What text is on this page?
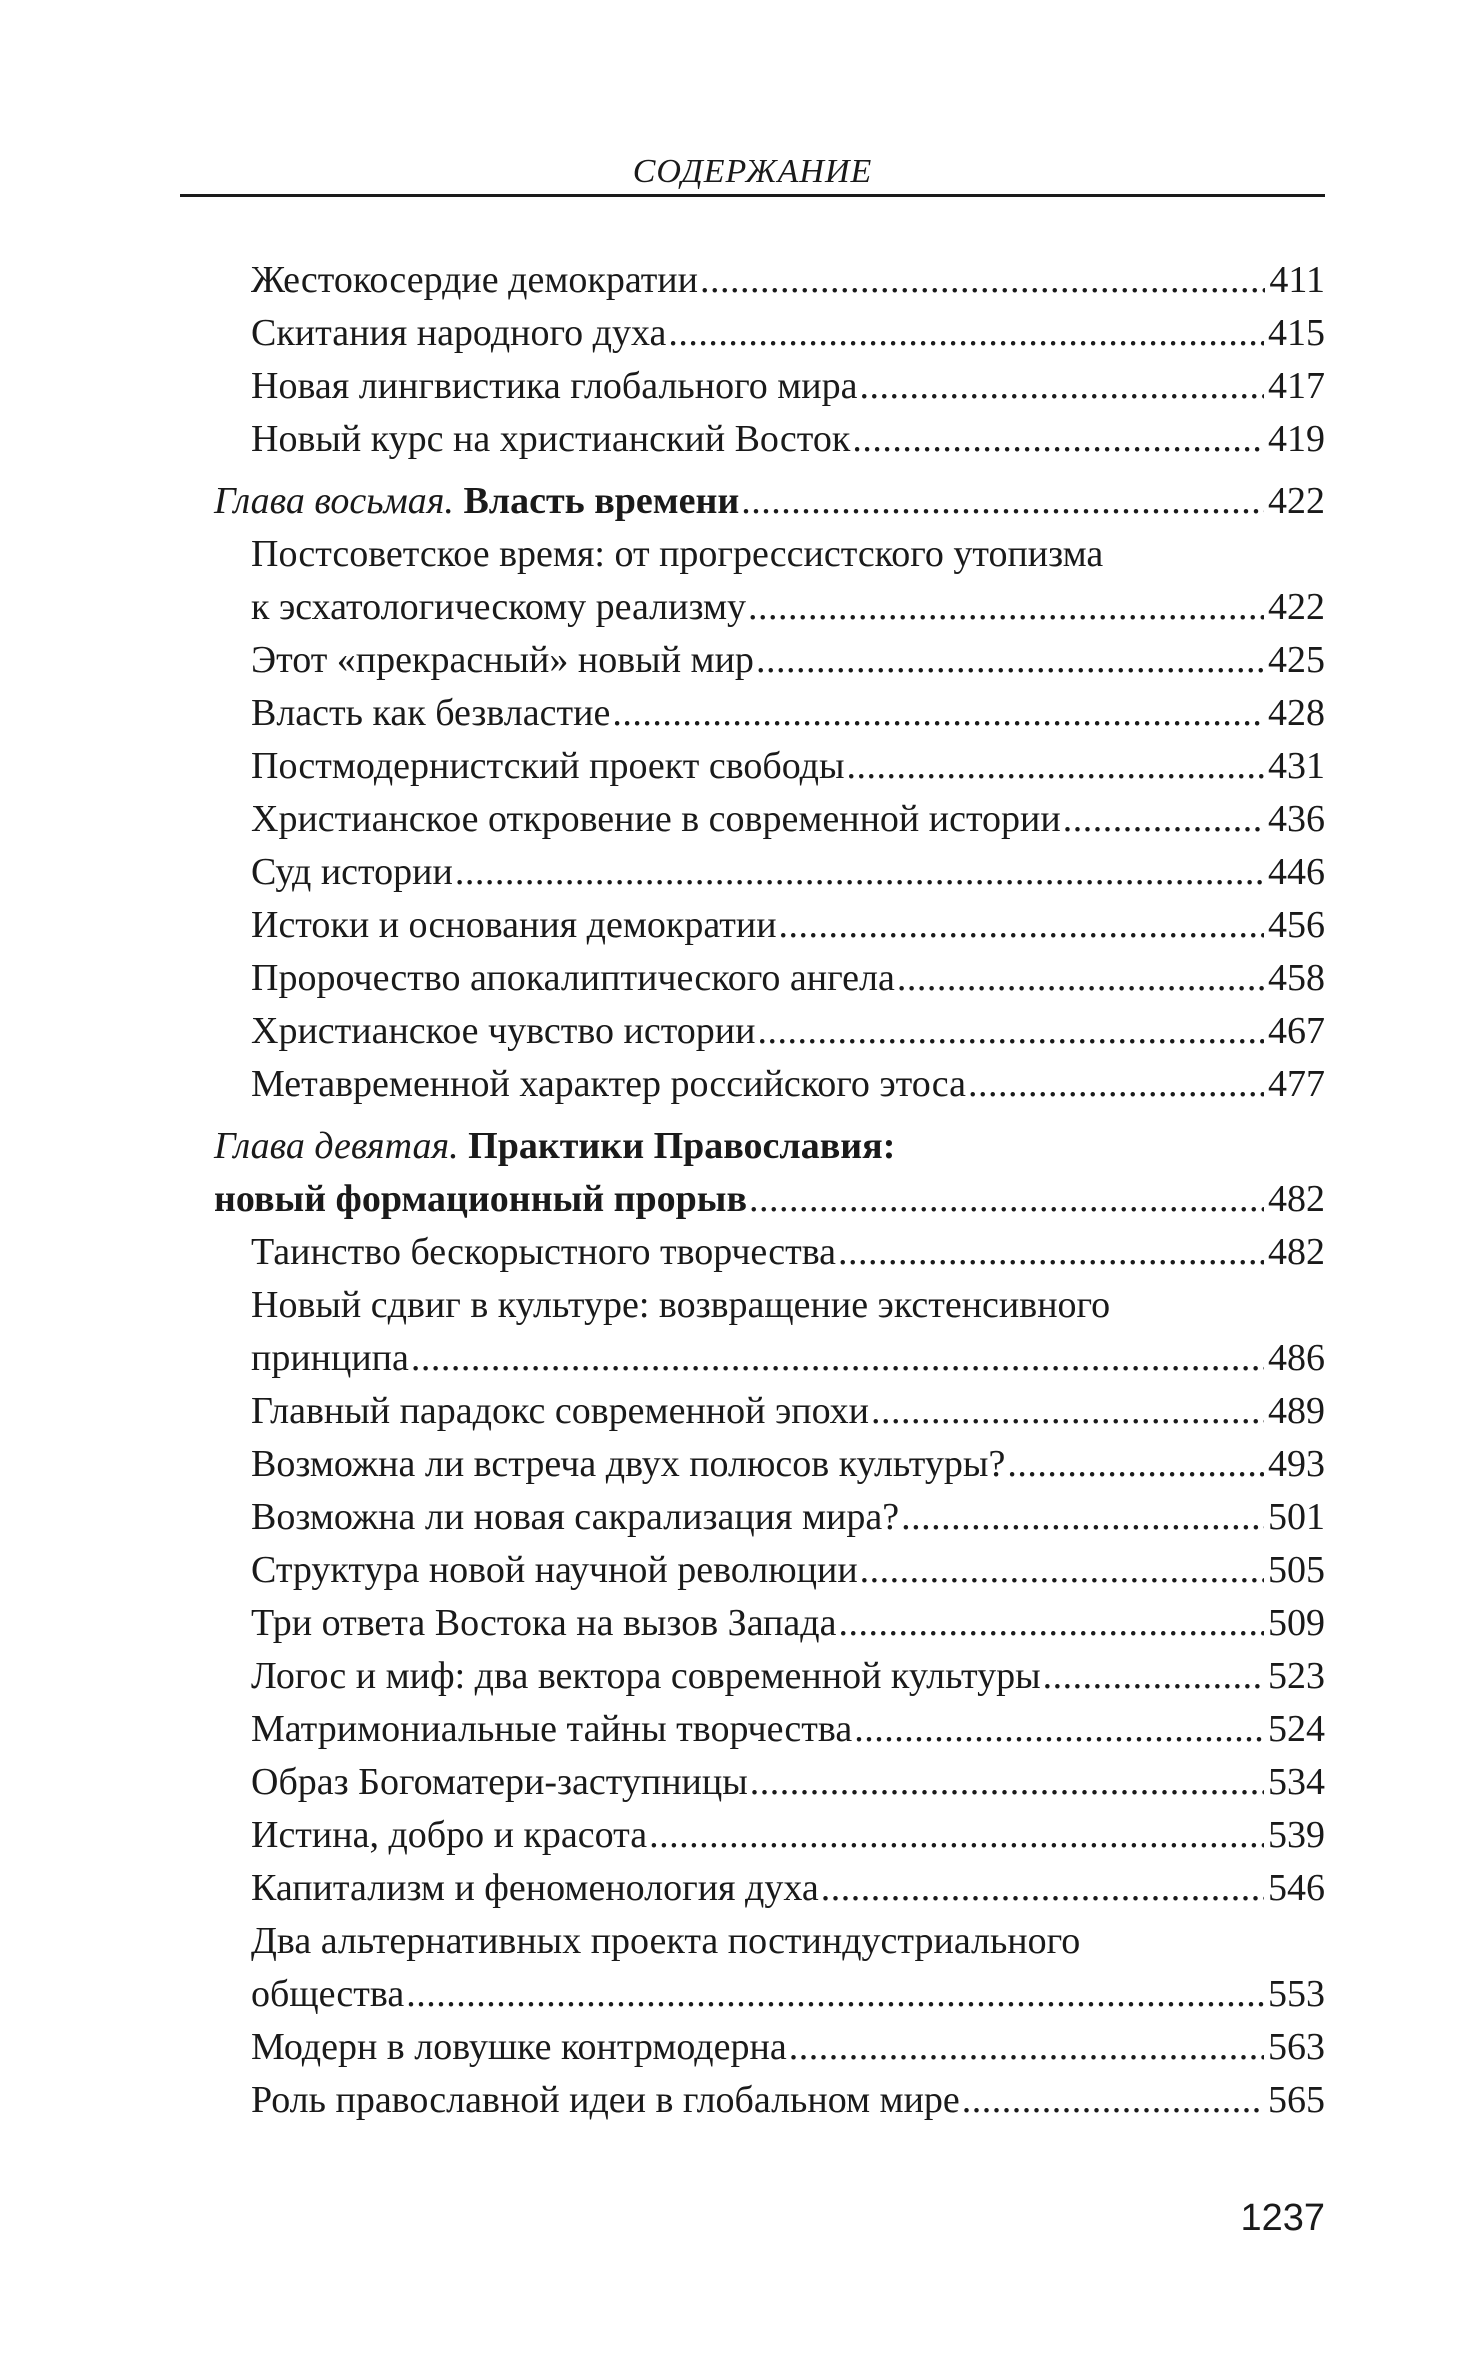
СОДЕРЖАНИЕ
Жестокосердие демократии .....	411
Скитания народного духа .....	415
Новая лингвистика глобального мира .....	417
Новый курс на христианский Восток .....	419
Глава восьмая. Власть времени .....	422
Постсоветское время: от прогрессистского утопизма
к эсхатологическому реализму .....	422
Этот «прекрасный» новый мир .....	425
Власть как безвластие .....	428
Постмодернистский проект свободы .....	431
Христианское откровение в современной истории .....	436
Суд истории .....	446
Истоки и основания демократии .....	456
Пророчество апокалиптического ангела .....	458
Христианское чувство истории .....	467
Метавременной характер российского этоса .....	477
Глава девятая. Практики Православия:
новый формационный прорыв .....	482
Таинство бескорыстного творчества .....	482
Новый сдвиг в культуре: возвращение экстенсивного
принципа .....	486
Главный парадокс современной эпохи .....	489
Возможна ли встреча двух полюсов культуры? .....	493
Возможна ли новая сакрализация мира? .....	501
Структура новой научной революции .....	505
Три ответа Востока на вызов Запада .....	509
Логос и миф: два вектора современной культуры .....	523
Матримониальные тайны творчества .....	524
Образ Богоматери-заступницы .....	534
Истина, добро и красота .....	539
Капитализм и феноменология духа .....	546
Два альтернативных проекта постиндустриального
общества .....	553
Модерн в ловушке контрмодерна .....	563
Роль православной идеи в глобальном мире .....	565
1237
